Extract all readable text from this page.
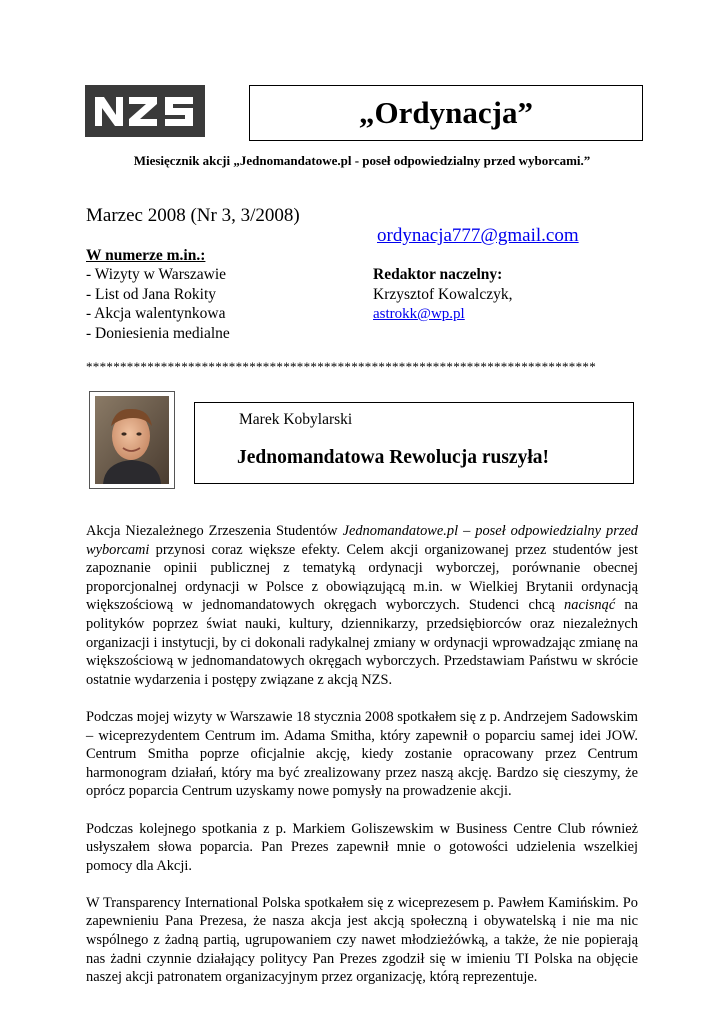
„Ordynacja”
Miesięcznik akcji „Jednomandatowe.pl - poseł odpowiedzialny przed wyborcami.”
Marzec 2008 (Nr 3, 3/2008)
ordynacja777@gmail.com
W numerze m.in.:
- Wizyty w Warszawie
- List od Jana Rokity
- Akcja walentynkowa
- Doniesienia medialne
Redaktor naczelny:
Krzysztof Kowalczyk,
astrokk@wp.pl
***************************************************************************
Marek Kobylarski
Jednomandatowa Rewolucja ruszyła!

Akcja Niezależnego Zrzeszenia Studentów Jednomandatowe.pl – poseł odpowiedzialny przed wyborcami przynosi coraz większe efekty. Celem akcji organizowanej przez studentów jest zapoznanie opinii publicznej z tematyką ordynacji wyborczej, porównanie obecnej proporcjonalnej ordynacji w Polsce z obowiązującą m.in. w Wielkiej Brytanii ordynacją większościową w jednomandatowych okręgach wyborczych. Studenci chcą nacisnąć na polityków poprzez świat nauki, kultury, dziennikarzy, przedsiębiorców oraz niezależnych organizacji i instytucji, by ci dokonali radykalnej zmiany w ordynacji wprowadzając zmianę na większościową w jednomandatowych okręgach wyborczych. Przedstawiam Państwu w skrócie ostatnie wydarzenia i postępy związane z akcją NZS.

Podczas mojej wizyty w Warszawie 18 stycznia 2008 spotkałem się z p. Andrzejem Sadowskim – wiceprezydentem Centrum im. Adama Smitha, który zapewnił o poparciu samej idei JOW. Centrum Smitha poprze oficjalnie akcję, kiedy zostanie opracowany przez Centrum harmonogram działań, który ma być zrealizowany przez naszą akcję. Bardzo się cieszymy, że oprócz poparcia Centrum uzyskamy nowe pomysły na prowadzenie akcji.

Podczas kolejnego spotkania z p. Markiem Goliszewskim w Business Centre Club również usłyszałem słowa poparcia. Pan Prezes zapewnił mnie o gotowości udzielenia wszelkiej pomocy dla Akcji.

W Transparency International Polska spotkałem się z wiceprezesem p. Pawłem Kamińskim. Po zapewnieniu Pana Prezesa, że nasza akcja jest akcją społeczną i obywatelską i nie ma nic wspólnego z żadną partią, ugrupowaniem czy nawet młodzieżówką, a także, że nie popierają nas żadni czynnie działający politycy Pan Prezes zgodził się w imieniu TI Polska na objęcie naszej akcji patronatem organizacyjnym przez organizację, którą reprezentuje.
